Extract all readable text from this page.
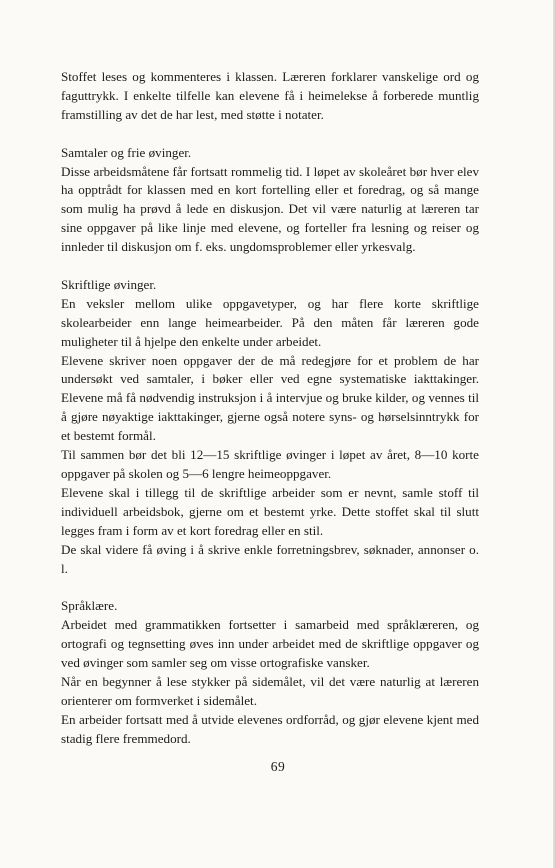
Stoffet leses og kommenteres i klassen. Læreren forklarer vanskelige ord og faguttrykk. I enkelte tilfelle kan elevene få i heimelekse å forberede muntlig framstilling av det de har lest, med støtte i notater.

Samtaler og frie øvinger.

Disse arbeidsmåtene får fortsatt rommelig tid. I løpet av skoleåret bør hver elev ha opptrådt for klassen med en kort fortelling eller et foredrag, og så mange som mulig ha prøvd å lede en diskusjon. Det vil være naturlig at læreren tar sine oppgaver på like linje med elevene, og forteller fra lesning og reiser og innleder til diskusjon om f. eks. ungdomsproblemer eller yrkesvalg.

Skriftlige øvinger.

En veksler mellom ulike oppgavetyper, og har flere korte skriftlige skolearbeider enn lange heimearbeider. På den måten får læreren gode muligheter til å hjelpe den enkelte under arbeidet.

Elevene skriver noen oppgaver der de må redegjøre for et problem de har undersøkt ved samtaler, i bøker eller ved egne systematiske iakttakinger. Elevene må få nødvendig instruksjon i å intervjue og bruke kilder, og vennes til å gjøre nøyaktige iakttakinger, gjerne også notere syns- og hørselsinntrykk for et bestemt formål.

Til sammen bør det bli 12—15 skriftlige øvinger i løpet av året, 8—10 korte oppgaver på skolen og 5—6 lengre heimeoppgaver.

Elevene skal i tillegg til de skriftlige arbeider som er nevnt, samle stoff til individuell arbeidsbok, gjerne om et bestemt yrke. Dette stoffet skal til slutt legges fram i form av et kort foredrag eller en stil.

De skal videre få øving i å skrive enkle forretningsbrev, søknader, annonser o. l.

Språklære.

Arbeidet med grammatikken fortsetter i samarbeid med språklæreren, og ortografi og tegnsetting øves inn under arbeidet med de skriftlige oppgaver og ved øvinger som samler seg om visse ortografiske vansker.

Når en begynner å lese stykker på sidemålet, vil det være naturlig at læreren orienterer om formverket i sidemålet.

En arbeider fortsatt med å utvide elevenes ordforråd, og gjør elevene kjent med stadig flere fremmedord.

69
